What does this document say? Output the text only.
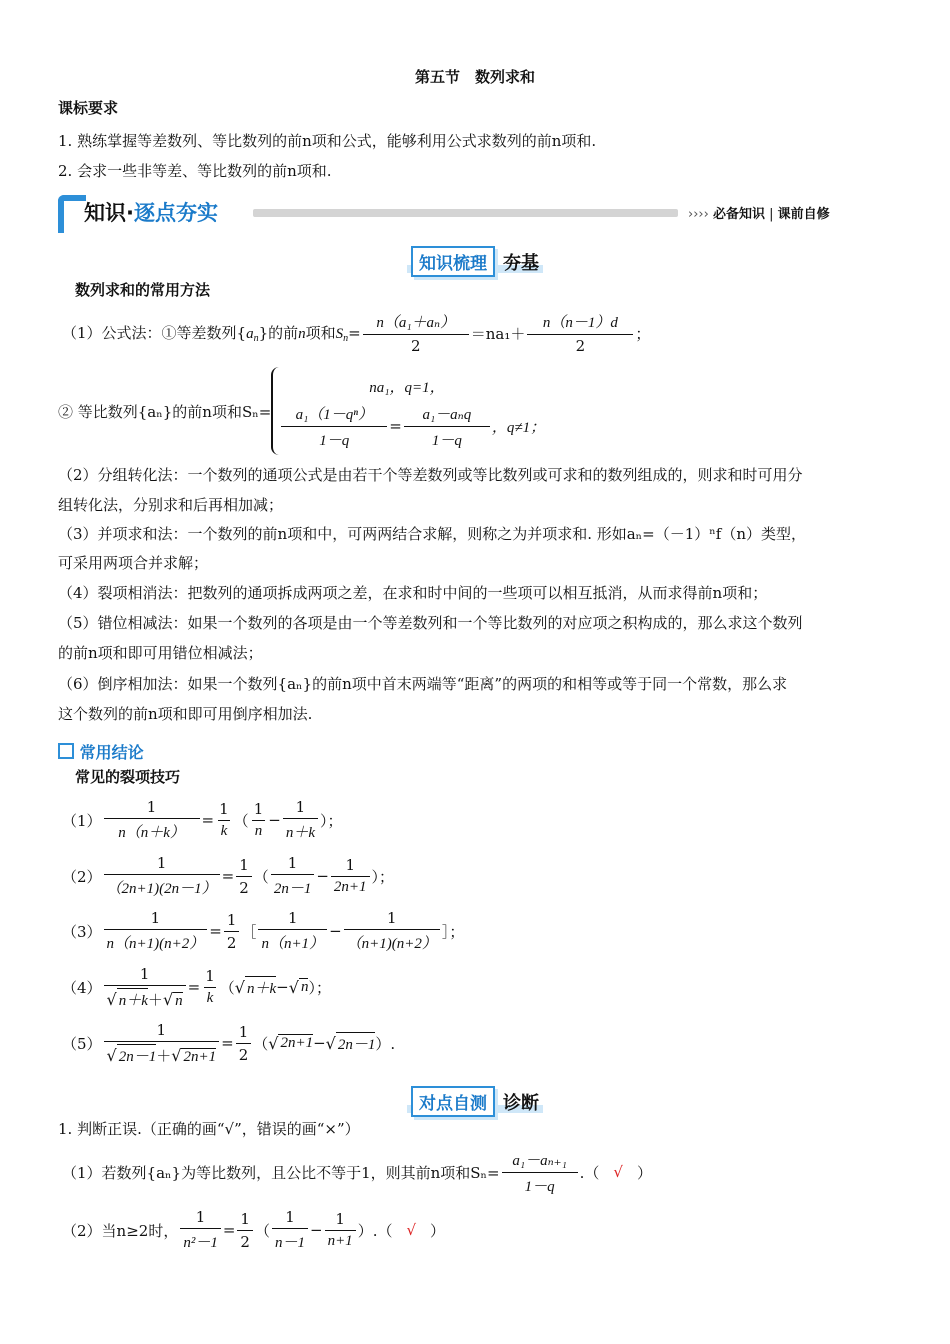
第五节　数列求和
课标要求
1. 熟练掌握等差数列、等比数列的前n项和公式，能够利用公式求数列的前n项和.
2. 会求一些非等差、等比数列的前n项和.
知识·逐点夯实	›››› 必备知识 | 课前自修
知识梳理 夯基
数列求和的常用方法
（1）公式法：①等差数列$\{a_n\}$的前n项和$S_n= \frac{\text{n（a₁＋aₙ）}}{2} =na_1+ \frac{n(n-1)d}{2}$ ；
② 等比数列{aₙ}的前n项和Sₙ=
na₁，q=1，
$\frac{\text{a₁（1－qⁿ）}}{1-q} = \frac{\text{a₁－aₙq}}{1-q}$ ，q≠1；
（2）分组转化法：一个数列的通项公式是由若干个等差数列或等比数列或可求和的数列组成的，则求和时可用分
组转化法，分别求和后再相加减；
（3）并项求和法：一个数列的前n项和中，可两两结合求解，则称之为并项求和. 形如aₙ=（－1）ⁿf（n）类型，
可采用两项合并求解；
（4）裂项相消法：把数列的通项拆成两项之差，在求和时中间的一些项可以相互抵消，从而求得前n项和；
（5）错位相减法：如果一个数列的各项是由一个等差数列和一个等比数列的对应项之积构成的，那么求这个数列
的前n项和即可用错位相减法；
（6）倒序相加法：如果一个数列{aₙ}的前n项中首末两端等“距离”的两项的和相等或等于同一个常数，那么求
这个数列的前n项和即可用倒序相加法.
常用结论
常见的裂项技巧
$(1) \frac{1}{n(n+k)} = \frac{1}{k}$ （ $\frac{1}{n} - \frac{1}{n+k}$ ）；
$(2) \frac{1}{(2n+1)(2n-1)} = \frac{1}{2}$ （ $\frac{1}{2n-1} - \frac{1}{2n+1}$ ）；
$(3) \frac{1}{n(n+1)(n+2)} = \frac{1}{2}$ ［ $\frac{1}{n(n+1)} - \frac{1}{(n+1)(n+2)}$ ］；
$(4) \frac{1}{√ n+k+√ n} = \frac{1}{k}$ （ √ n＋k − √ n ）；
$(5) \frac{1}{√ 2n-1+√ 2n+1} = \frac{1}{2}$ （ √ 2n+1 − √ 2n－1 ）.
对点自测 诊断
1. 判断正误.（正确的画“√”，错误的画“×”）
（1）若数列{aₙ}为等比数列，且公比不等于1，则其前n项和$S_n= \frac{\text{a₁－aₙ₊₁}}{1-q}$ .（ √ ）
（2）当n≥2时， $\frac{1}{\text{n²－1}} = \frac{1}{2}$ （ $\frac{1}{n-1} - \frac{1}{n+1}$ ）.（ √ ）
